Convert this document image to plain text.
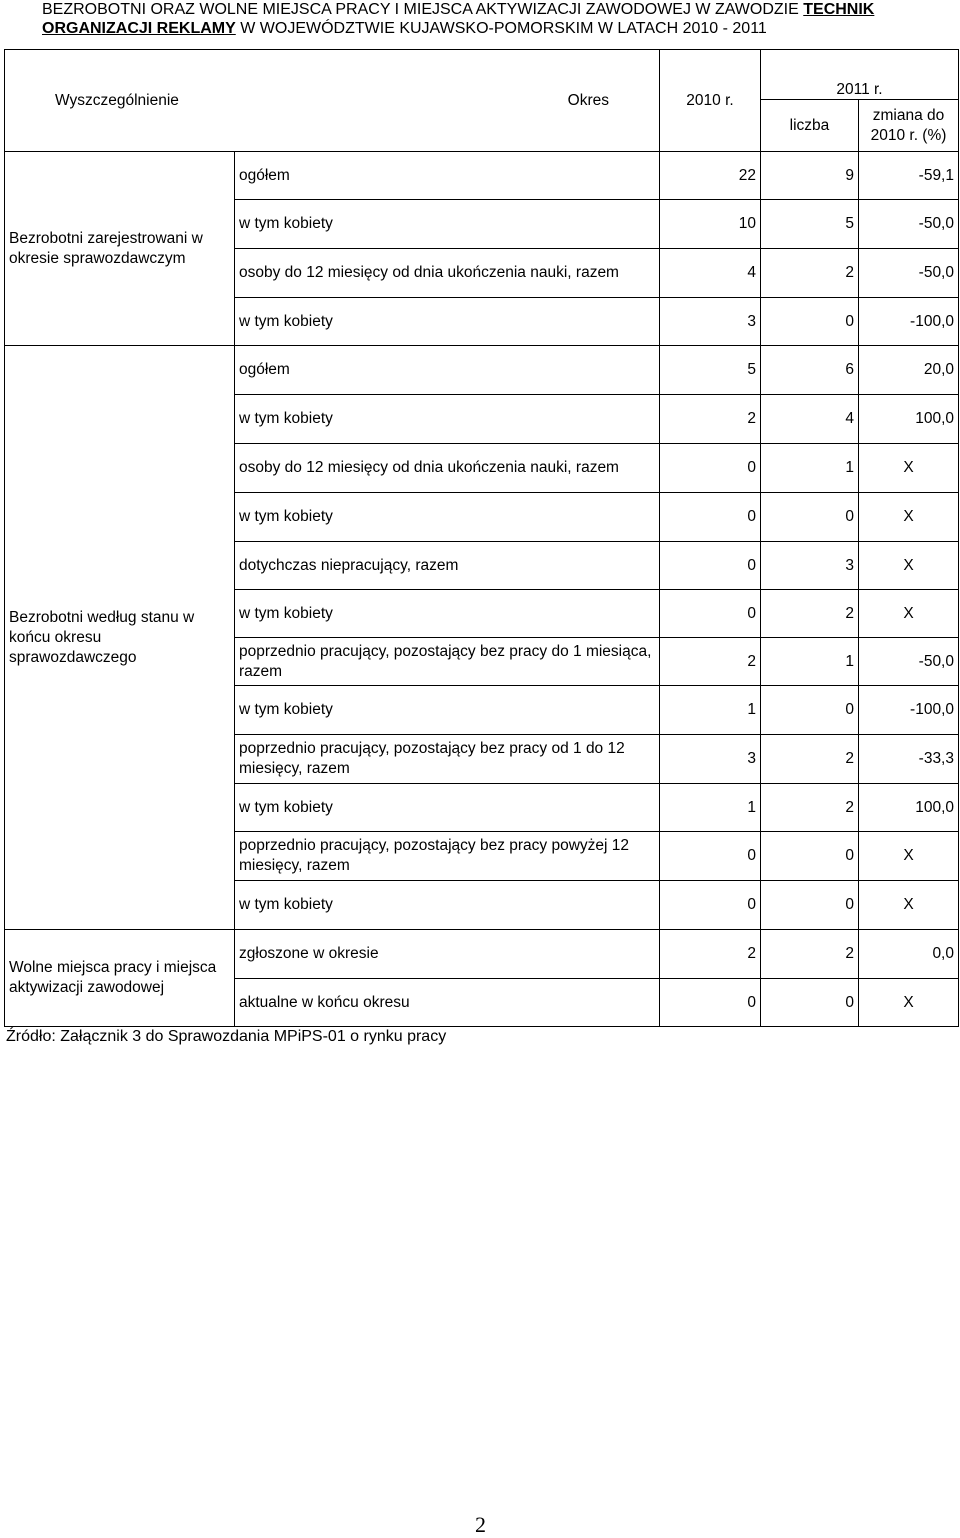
BEZROBOTNI ORAZ WOLNE MIEJSCA PRACY I MIEJSCA AKTYWIZACJI ZAWODOWEJ W ZAWODZIE TECHNIK ORGANIZACJI REKLAMY W WOJEWÓDZTWIE KUJAWSKO-POMORSKIM W LATACH 2010 - 2011
Wyszczególnienie Okres		2010 r.	2011 r.	
			liczba	zmiana do 2010 r. (%)
Bezrobotni zarejestrowani w okresie sprawozdawczym	ogółem	22	9	-59,1
	w tym kobiety	10	5	-50,0
	osoby do 12 miesięcy od dnia ukończenia nauki, razem	4	2	-50,0
	w tym kobiety	3	0	-100,0
Bezrobotni według stanu w końcu okresu sprawozdawczego	ogółem	5	6	20,0
	w tym kobiety	2	4	100,0
	osoby do 12 miesięcy od dnia ukończenia nauki, razem	0	1	X
	w tym kobiety	0	0	X
	dotychczas niepracujący, razem	0	3	X
	w tym kobiety	0	2	X
	poprzednio pracujący, pozostający bez pracy do 1 miesiąca, razem	2	1	-50,0
	w tym kobiety	1	0	-100,0
	poprzednio pracujący, pozostający bez pracy od 1 do 12 miesięcy, razem	3	2	-33,3
	w tym kobiety	1	2	100,0
	poprzednio pracujący, pozostający bez pracy powyżej 12 miesięcy, razem	0	0	X
	w tym kobiety	0	0	X
Wolne miejsca pracy i miejsca aktywizacji zawodowej	zgłoszone w okresie	2	2	0,0
	aktualne w końcu okresu	0	0	X
Źródło: Załącznik 3 do Sprawozdania MPiPS-01 o rynku pracy
2
